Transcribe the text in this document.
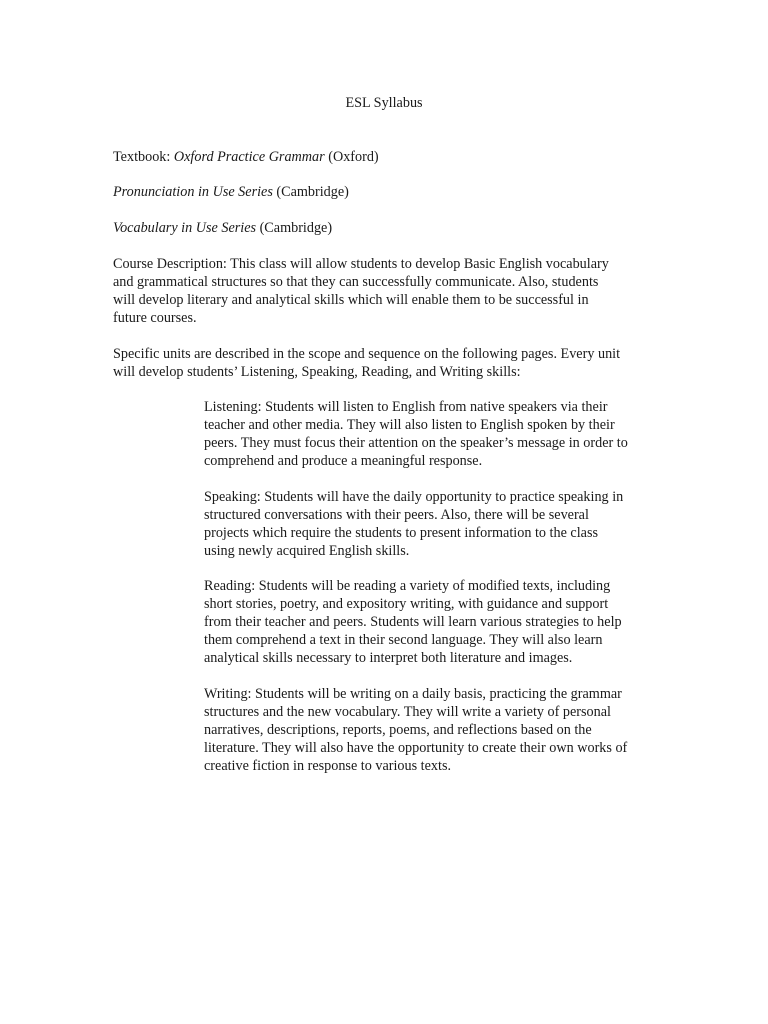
ESL Syllabus

Textbook: Oxford Practice Grammar (Oxford)

Pronunciation in Use Series (Cambridge)

Vocabulary in Use Series (Cambridge)

Course Description: This class will allow students to develop Basic English vocabulary
and grammatical structures so that they can successfully communicate. Also, students
will develop literary and analytical skills which will enable them to be successful in
future courses.

Specific units are described in the scope and sequence on the following pages. Every unit
will develop students’ Listening, Speaking, Reading, and Writing skills:

Listening: Students will listen to English from native speakers via their
teacher and other media. They will also listen to English spoken by their
peers. They must focus their attention on the speaker’s message in order to
comprehend and produce a meaningful response.

Speaking: Students will have the daily opportunity to practice speaking in
structured conversations with their peers. Also, there will be several
projects which require the students to present information to the class
using newly acquired English skills.

Reading: Students will be reading a variety of modified texts, including
short stories, poetry, and expository writing, with guidance and support
from their teacher and peers. Students will learn various strategies to help
them comprehend a text in their second language. They will also learn
analytical skills necessary to interpret both literature and images.

Writing: Students will be writing on a daily basis, practicing the grammar
structures and the new vocabulary. They will write a variety of personal
narratives, descriptions, reports, poems, and reflections based on the
literature. They will also have the opportunity to create their own works of
creative fiction in response to various texts.
